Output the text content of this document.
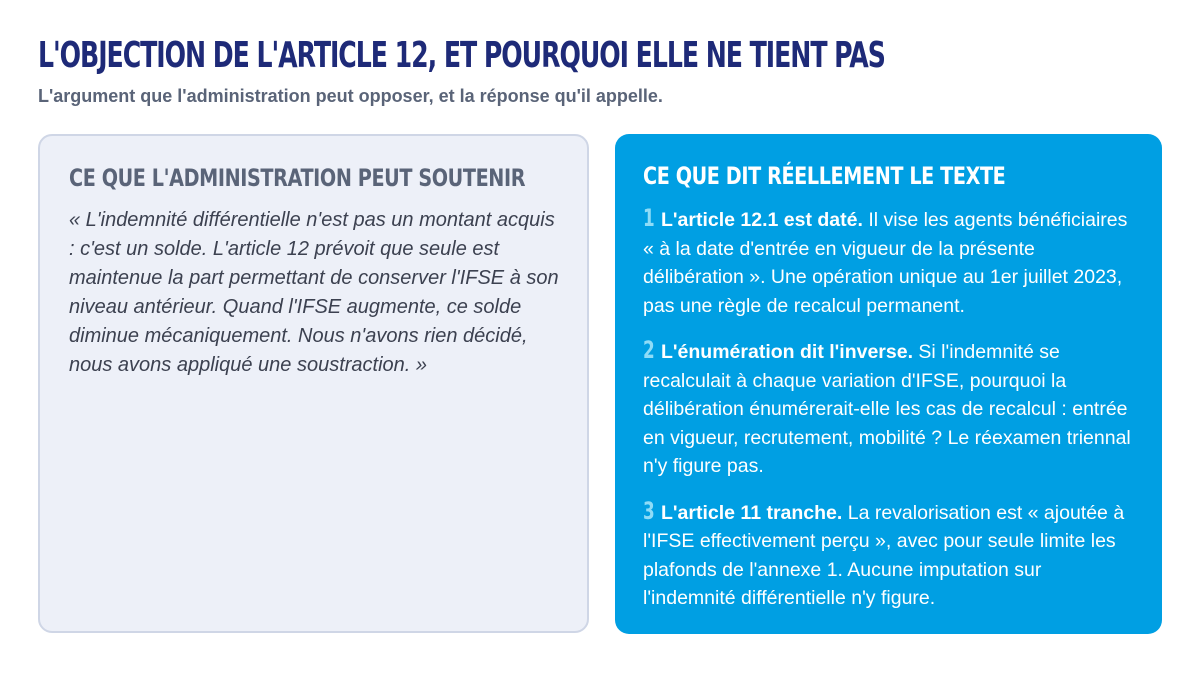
L'OBJECTION DE L'ARTICLE 12, ET POURQUOI ELLE NE TIENT PAS

L'argument que l'administration peut opposer, et la réponse qu'il appelle.

CE QUE L'ADMINISTRATION PEUT SOUTENIR

« L'indemnité différentielle n'est pas un montant acquis : c'est un solde. L'article 12 prévoit que seule est maintenue la part permettant de conserver l'IFSE à son niveau antérieur. Quand l'IFSE augmente, ce solde diminue mécaniquement. Nous n'avons rien décidé, nous avons appliqué une soustraction. »

CE QUE DIT RÉELLEMENT LE TEXTE

1 L'article 12.1 est daté. Il vise les agents bénéficiaires « à la date d'entrée en vigueur de la présente délibération ». Une opération unique au 1er juillet 2023, pas une règle de recalcul permanent.

2 L'énumération dit l'inverse. Si l'indemnité se recalculait à chaque variation d'IFSE, pourquoi la délibération énumérerait-elle les cas de recalcul : entrée en vigueur, recrutement, mobilité ? Le réexamen triennal n'y figure pas.

3 L'article 11 tranche. La revalorisation est « ajoutée à l'IFSE effectivement perçu », avec pour seule limite les plafonds de l'annexe 1. Aucune imputation sur l'indemnité différentielle n'y figure.
